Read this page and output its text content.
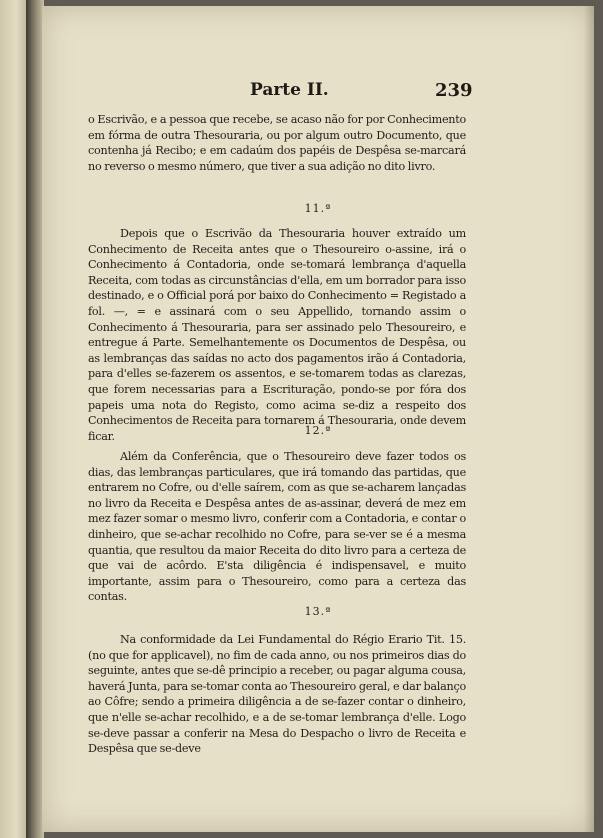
Parte II.	239

o Escrivão, e a pessoa que recebe, se acaso não for por Conhecimento em fórma de outra Thesouraria, ou por algum outro Documento, que contenha já Recibo; e em cadaúm dos papéis de Despêsa se-marcará no reverso o mesmo número, que tiver a sua adição no dito livro.

11.ª

Depois que o Escrivão da Thesouraria houver extraído um Conhecimento de Receita antes que o Thesoureiro o-assine, irá o Conhecimento á Contadoria, onde se-tomará lembrança d'aquella Receita, com todas as circunstâncias d'ella, em um borrador para isso destinado, e o Official porá por baixo do Conhecimento = Registado a fol. —, = e assinará com o seu Appellido, tornando assim o Conhecimento á Thesouraria, para ser assinado pelo Thesoureiro, e entregue á Parte. Semelhantemente os Documentos de Despêsa, ou as lembranças das saídas no acto dos pagamentos irão á Contadoria, para d'elles se-fazerem os assentos, e se-tomarem todas as clarezas, que forem necessarias para a Escrituração, pondo-se por fóra dos papeis uma nota do Registo, como acima se-diz a respeito dos Conhecimentos de Receita para tornarem á Thesouraria, onde devem ficar.	12.ª

Além da Conferência, que o Thesoureiro deve fazer todos os dias, das lembranças particulares, que irá tomando das partidas, que entrarem no Cofre, ou d'elle saírem, com as que se-acharem lançadas no livro da Receita e Despêsa antes de as-assinar, deverá de mez em mez fazer somar o mesmo livro, conferir com a Contadoria, e contar o dinheiro, que se-achar recolhido no Cofre, para se-ver se é a mesma quantia, que resultou da maior Receita do dito livro para a certeza de que vai de acôrdo. E'sta diligência é indispensavel, e muito importante, assim para o Thesoureiro, como para a certeza das contas.

13.ª

Na conformidade da Lei Fundamental do Régio Erario Tit. 15. (no que for applicavel), no fim de cada anno, ou nos primeiros dias do seguinte, antes que se-dê principio a receber, ou pagar alguma cousa, haverá Junta, para se-tomar conta ao Thesoureiro geral, e dar balanço ao Côfre; sendo a primeira diligência a de se-fazer contar o dinheiro, que n'elle se-achar recolhido, e a de se-tomar lembrança d'elle. Logo se-deve passar a conferir na Mesa do Despacho o livro de Receita e Despêsa que se-deve
